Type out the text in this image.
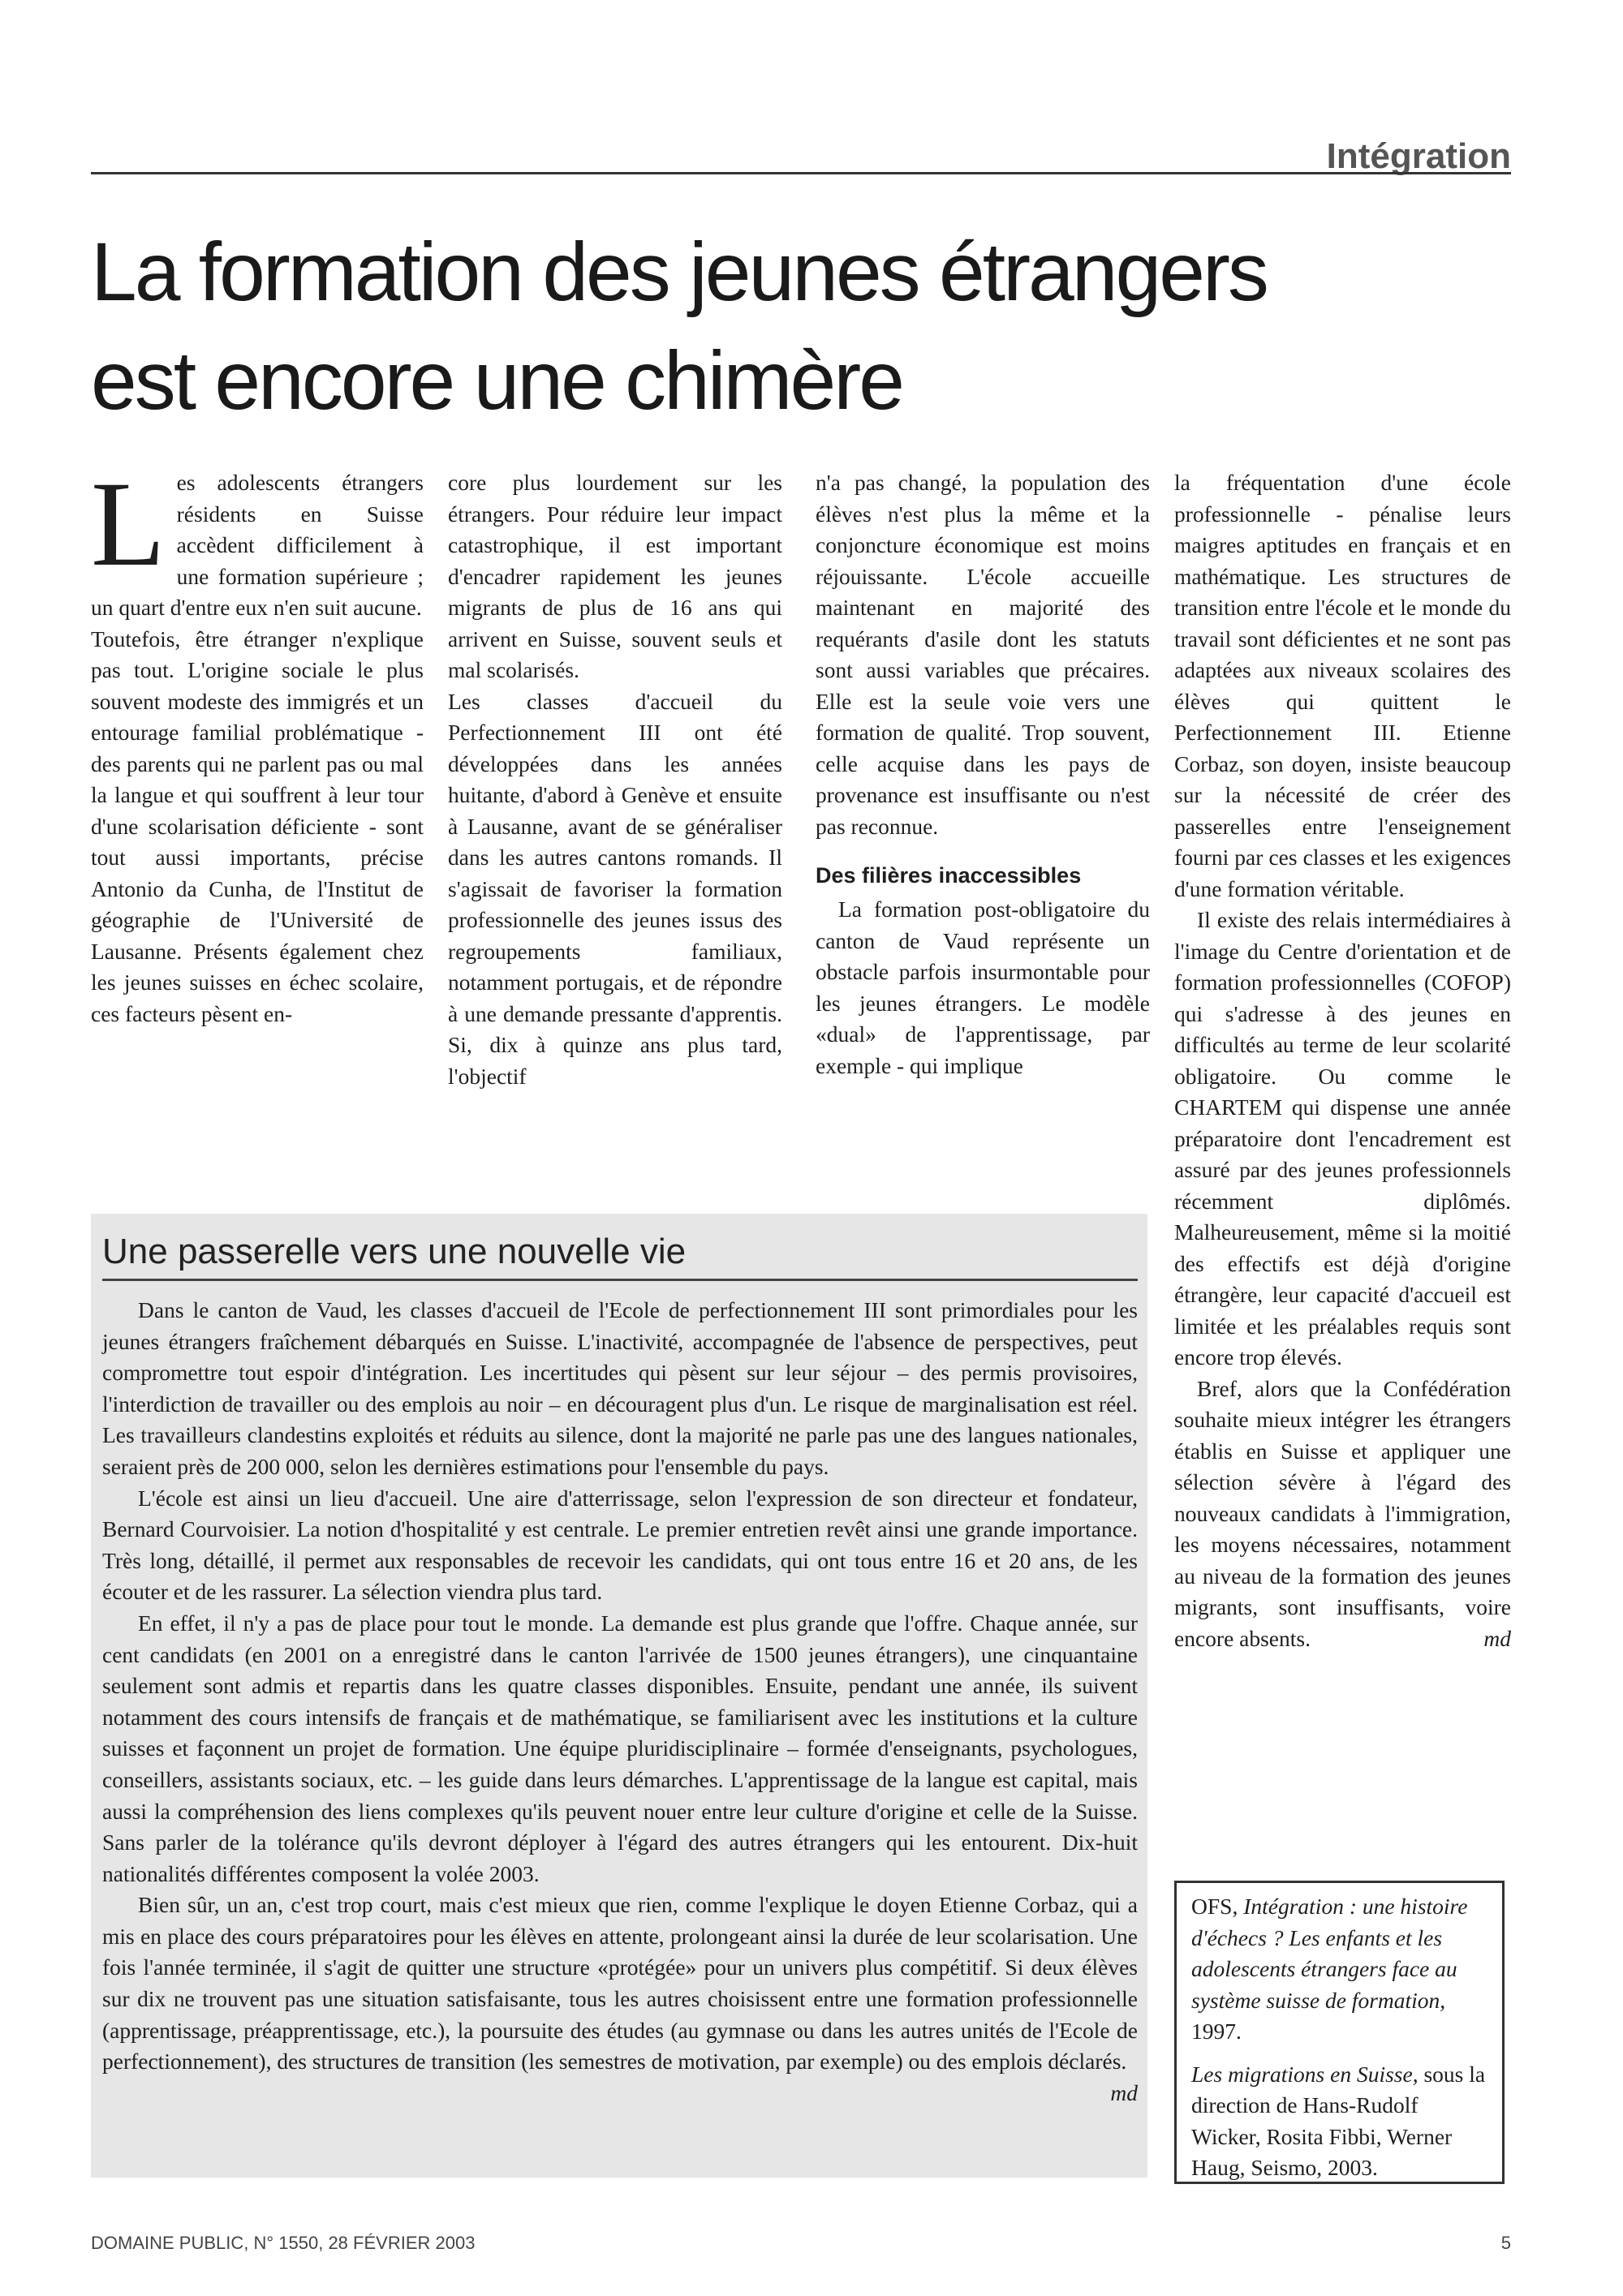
Intégration
La formation des jeunes étrangers
est encore une chimère

Les adolescents étrangers résidents en Suisse accèdent difficilement à une formation supérieure ; un quart d'entre eux n'en suit aucune.

Toutefois, être étranger n'explique pas tout. L'origine sociale le plus souvent modeste des immigrés et un entourage familial problématique - des parents qui ne parlent pas ou mal la langue et qui souffrent à leur tour d'une scolarisation déficiente - sont tout aussi importants, précise Antonio da Cunha, de l'Institut de géographie de l'Université de Lausanne. Présents également chez les jeunes suisses en échec scolaire, ces facteurs pèsent en-

core plus lourdement sur les étrangers. Pour réduire leur impact catastrophique, il est important d'encadrer rapidement les jeunes migrants de plus de 16 ans qui arrivent en Suisse, souvent seuls et mal scolarisés.

Les classes d'accueil du Perfectionnement III ont été développées dans les années huitante, d'abord à Genève et ensuite à Lausanne, avant de se généraliser dans les autres cantons romands. Il s'agissait de favoriser la formation professionnelle des jeunes issus des regroupements familiaux, notamment portugais, et de répondre à une demande pressante d'apprentis. Si, dix à quinze ans plus tard, l'objectif

n'a pas changé, la population des élèves n'est plus la même et la conjoncture économique est moins réjouissante. L'école accueille maintenant en majorité des requérants d'asile dont les statuts sont aussi variables que précaires. Elle est la seule voie vers une formation de qualité. Trop souvent, celle acquise dans les pays de provenance est insuffisante ou n'est pas reconnue.

Des filières inaccessibles

La formation post-obligatoire du canton de Vaud représente un obstacle parfois insurmontable pour les jeunes étrangers. Le modèle «dual» de l'apprentissage, par exemple - qui implique

la fréquentation d'une école professionnelle - pénalise leurs maigres aptitudes en français et en mathématique. Les structures de transition entre l'école et le monde du travail sont déficientes et ne sont pas adaptées aux niveaux scolaires des élèves qui quittent le Perfectionnement III. Etienne Corbaz, son doyen, insiste beaucoup sur la nécessité de créer des passerelles entre l'enseignement fourni par ces classes et les exigences d'une formation véritable.

Il existe des relais intermédiaires à l'image du Centre d'orientation et de formation professionnelles (COFOP) qui s'adresse à des jeunes en difficultés au terme de leur scolarité obligatoire. Ou comme le CHARTEM qui dispense une année préparatoire dont l'encadrement est assuré par des jeunes professionnels récemment diplômés. Malheureusement, même si la moitié des effectifs est déjà d'origine étrangère, leur capacité d'accueil est limitée et les préalables requis sont encore trop élevés.

Bref, alors que la Confédération souhaite mieux intégrer les étrangers établis en Suisse et appliquer une sélection sévère à l'égard des nouveaux candidats à l'immigration, les moyens nécessaires, notamment au niveau de la formation des jeunes migrants, sont insuffisants, voire encore absents.	md

Une passerelle vers une nouvelle vie

Dans le canton de Vaud, les classes d'accueil de l'Ecole de perfectionnement III sont primordiales pour les jeunes étrangers fraîchement débarqués en Suisse. L'inactivité, accompagnée de l'absence de perspectives, peut compromettre tout espoir d'intégration. Les incertitudes qui pèsent sur leur séjour – des permis provisoires, l'interdiction de travailler ou des emplois au noir – en découragent plus d'un. Le risque de marginalisation est réel. Les travailleurs clandestins exploités et réduits au silence, dont la majorité ne parle pas une des langues nationales, seraient près de 200 000, selon les dernières estimations pour l'ensemble du pays.

L'école est ainsi un lieu d'accueil. Une aire d'atterrissage, selon l'expression de son directeur et fondateur, Bernard Courvoisier. La notion d'hospitalité y est centrale. Le premier entretien revêt ainsi une grande importance. Très long, détaillé, il permet aux responsables de recevoir les candidats, qui ont tous entre 16 et 20 ans, de les écouter et de les rassurer. La sélection viendra plus tard.

En effet, il n'y a pas de place pour tout le monde. La demande est plus grande que l'offre. Chaque année, sur cent candidats (en 2001 on a enregistré dans le canton l'arrivée de 1500 jeunes étrangers), une cinquantaine seulement sont admis et repartis dans les quatre classes disponibles. Ensuite, pendant une année, ils suivent notamment des cours intensifs de français et de mathématique, se familiarisent avec les institutions et la culture suisses et façonnent un projet de formation. Une équipe pluridisciplinaire – formée d'enseignants, psychologues, conseillers, assistants sociaux, etc. – les guide dans leurs démarches. L'apprentissage de la langue est capital, mais aussi la compréhension des liens complexes qu'ils peuvent nouer entre leur culture d'origine et celle de la Suisse. Sans parler de la tolérance qu'ils devront déployer à l'égard des autres étrangers qui les entourent. Dix-huit nationalités différentes composent la volée 2003.

Bien sûr, un an, c'est trop court, mais c'est mieux que rien, comme l'explique le doyen Etienne Corbaz, qui a mis en place des cours préparatoires pour les élèves en attente, prolongeant ainsi la durée de leur scolarisation. Une fois l'année terminée, il s'agit de quitter une structure «protégée» pour un univers plus compétitif. Si deux élèves sur dix ne trouvent pas une situation satisfaisante, tous les autres choisissent entre une formation professionnelle (apprentissage, préapprentissage, etc.), la poursuite des études (au gymnase ou dans les autres unités de l'Ecole de perfectionnement), des structures de transition (les semestres de motivation, par exemple) ou des emplois déclarés.
md

OFS, Intégration : une histoire d'échecs ? Les enfants et les adolescents étrangers face au système suisse de formation, 1997.

Les migrations en Suisse, sous la direction de Hans-Rudolf Wicker, Rosita Fibbi, Werner Haug, Seismo, 2003.

DOMAINE PUBLIC, N° 1550, 28 FÉVRIER 2003	5
